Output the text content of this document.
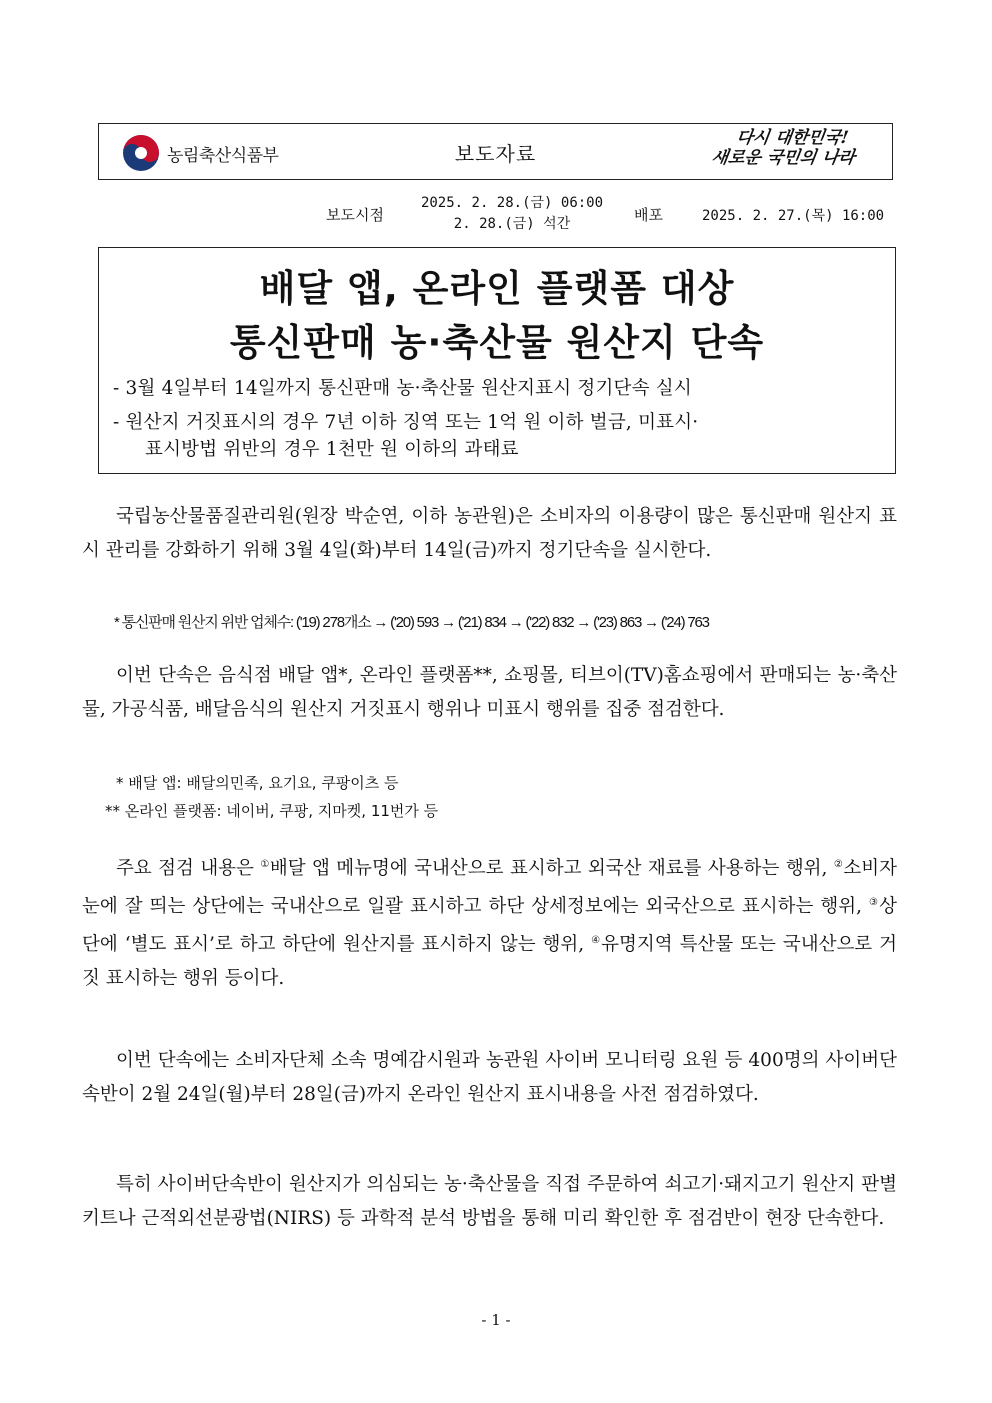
농림축산식품부	보도자료
다시 대한민국!
새로운 국민의 나라
보도시점
2025. 2. 28.(금) 06:00
2. 28.(금) 석간	배포	2025. 2. 27.(목) 16:00
배달 앱, 온라인 플랫폼 대상
통신판매 농·축산물 원산지 단속
- 3월 4일부터 14일까지 통신판매 농·축산물 원산지표시 정기단속 실시
- 원산지 거짓표시의 경우 7년 이하 징역 또는 1억 원 이하 벌금, 미표시·
표시방법 위반의 경우 1천만 원 이하의 과태료
국립농산물품질관리원(원장 박순연, 이하 농관원)은 소비자의 이용량이 많은 통신판매 원산지 표시 관리를 강화하기 위해 3월 4일(화)부터 14일(금)까지 정기단속을 실시한다.
* 통신판매 원산지 위반 업체수: ('19) 278개소 → ('20) 593 → ('21) 834 → ('22) 832 → ('23) 863 → ('24) 763
이번 단속은 음식점 배달 앱*, 온라인 플랫폼**, 쇼핑몰, 티브이(TV)홈쇼핑에서 판매되는 농·축산물, 가공식품, 배달음식의 원산지 거짓표시 행위나 미표시 행위를 집중 점검한다.
* 배달 앱: 배달의민족, 요기요, 쿠팡이츠 등
** 온라인 플랫폼: 네이버, 쿠팡, 지마켓, 11번가 등
주요 점검 내용은 ①배달 앱 메뉴명에 국내산으로 표시하고 외국산 재료를 사용하는 행위, ②소비자 눈에 잘 띄는 상단에는 국내산으로 일괄 표시하고 하단 상세정보에는 외국산으로 표시하는 행위, ③상단에 ‘별도 표시’로 하고 하단에 원산지를 표시하지 않는 행위, ④유명지역 특산물 또는 국내산으로 거짓 표시하는 행위 등이다.
이번 단속에는 소비자단체 소속 명예감시원과 농관원 사이버 모니터링 요원 등 400명의 사이버단속반이 2월 24일(월)부터 28일(금)까지 온라인 원산지 표시내용을 사전 점검하였다.
특히 사이버단속반이 원산지가 의심되는 농·축산물을 직접 주문하여 쇠고기·돼지고기 원산지 판별 키트나 근적외선분광법(NIRS) 등 과학적 분석 방법을 통해 미리 확인한 후 점검반이 현장 단속한다.
- 1 -
